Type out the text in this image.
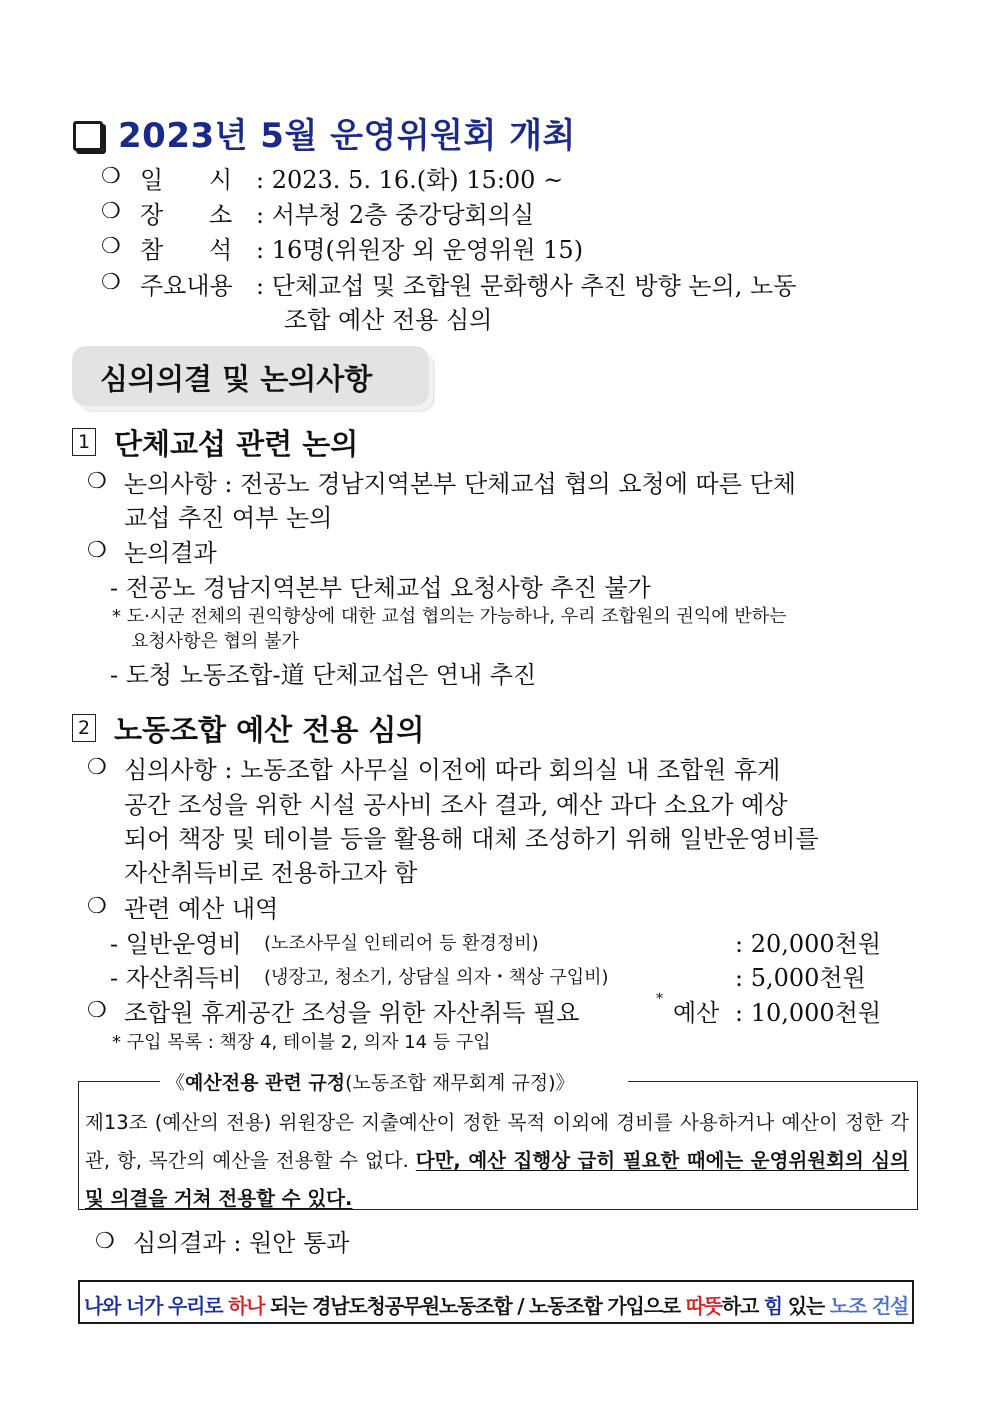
2023년 5월 운영위원회 개최
❍ 일      시 : 2023. 5. 16.(화) 15:00 ~
❍ 장      소 : 서부청 2층 중강당회의실
❍ 참      석 : 16명(위원장 외 운영위원 15)
❍ 주요내용 : 단체교섭 및 조합원 문화행사 추진 방향 논의, 노동
조합 예산 전용 심의
심의의결 및 논의사항
1 단체교섭 관련 논의
❍ 논의사항 : 전공노 경남지역본부 단체교섭 협의 요청에 따른 단체
교섭 추진 여부 논의
❍ 논의결과
- 전공노 경남지역본부 단체교섭 요청사항 추진 불가
* 도·시군 전체의 권익향상에 대한 교섭 협의는 가능하나, 우리 조합원의 권익에 반하는
요청사항은 협의 불가
- 도청 노동조합-道 단체교섭은 연내 추진
2 노동조합 예산 전용 심의
❍ 심의사항 : 노동조합 사무실 이전에 따라 회의실 내 조합원 휴게
공간 조성을 위한 시설 공사비 조사 결과, 예산 과다 소요가 예상
되어 책장 및 테이블 등을 활용해 대체 조성하기 위해 일반운영비를
자산취득비로 전용하고자 함
❍ 관련 예산 내역
- 일반운영비 (노조사무실 인테리어 등 환경정비)	: 20,000천원
- 자산취득비 (냉장고, 청소기, 상담실 의자・책상 구입비)	: 5,000천원
❍ 조합원 휴게공간 조성을 위한 자산취득 필요	* 예산 : 10,000천원
* 구입 목록 : 책장 4, 테이블 2, 의자 14 등 구입
《예산전용 관련 규정(노동조합 재무회계 규정)》
제13조 (예산의 전용) 위원장은 지출예산이 정한 목적 이외에 경비를 사용하거나 예산이 정한 각 관, 항, 목간의 예산을 전용할 수 없다. 다만, 예산 집행상 급히 필요한 때에는 운영위원회의 심의 및 의결을 거쳐 전용할 수 있다.
❍ 심의결과 : 원안 통과
나와 너가 우리로 하나 되는 경남도청공무원노동조합 / 노동조합 가입으로 따뜻하고 힘 있는 노조 건설
